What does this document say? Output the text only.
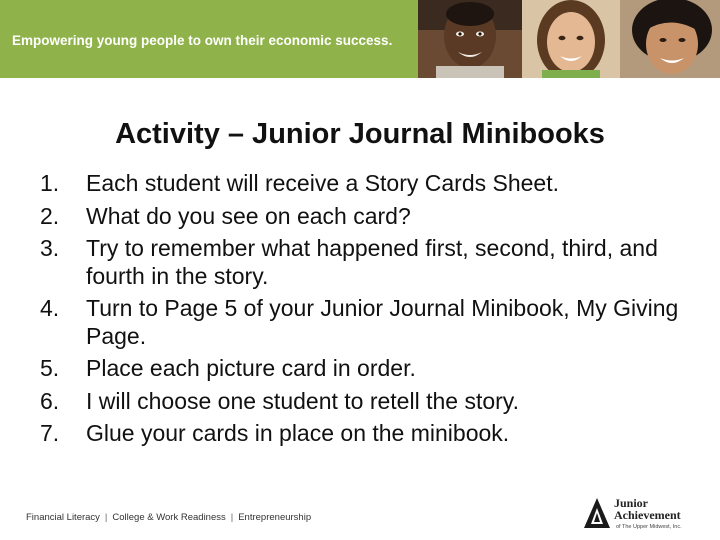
Empowering young people to own their economic success.
Activity – Junior Journal Minibooks
1.	Each student will receive a Story Cards Sheet.
2.	What do you see on each card?
3.	Try to remember what happened first, second, third, and fourth in the story.
4.	Turn to Page 5 of your Junior Journal Minibook, My Giving Page.
5.	Place each picture card in order.
6.	I will choose one student to retell the story.
7.	Glue your cards in place on the minibook.
Financial Literacy | College & Work Readiness | Entrepreneurship
Junior
Achievement
of The Upper Midwest, Inc.
